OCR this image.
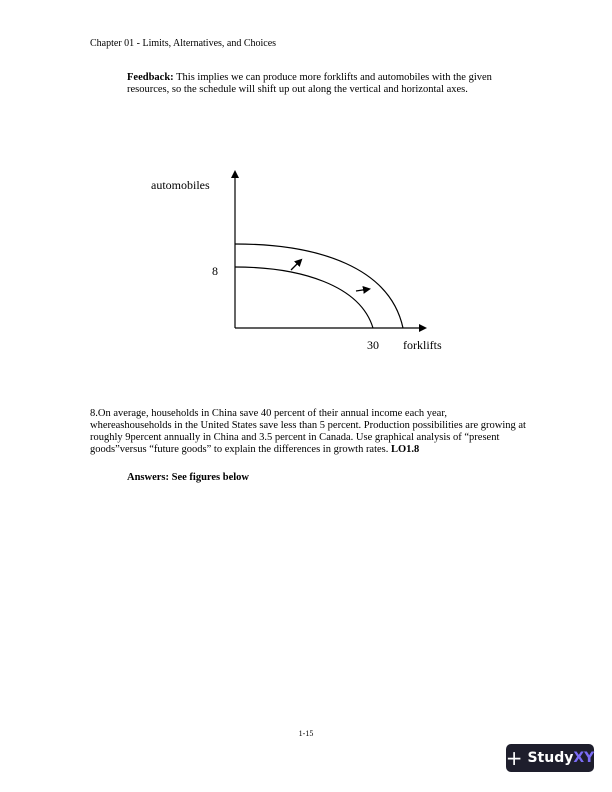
Chapter 01 - Limits, Alternatives, and Choices
Feedback: This implies we can produce more forklifts and automobiles with the given resources, so the schedule will shift up out along the vertical and horizontal axes.
automobiles
8
30 forklifts
8.On average, households in China save 40 percent of their annual income each year, whereashouseholds in the United States save less than 5 percent. Production possibilities are growing at roughly 9percent annually in China and 3.5 percent in Canada. Use graphical analysis of “present goods”versus “future goods” to explain the differences in growth rates. LO1.8
Answers: See figures below
1-15
+ Study XY
